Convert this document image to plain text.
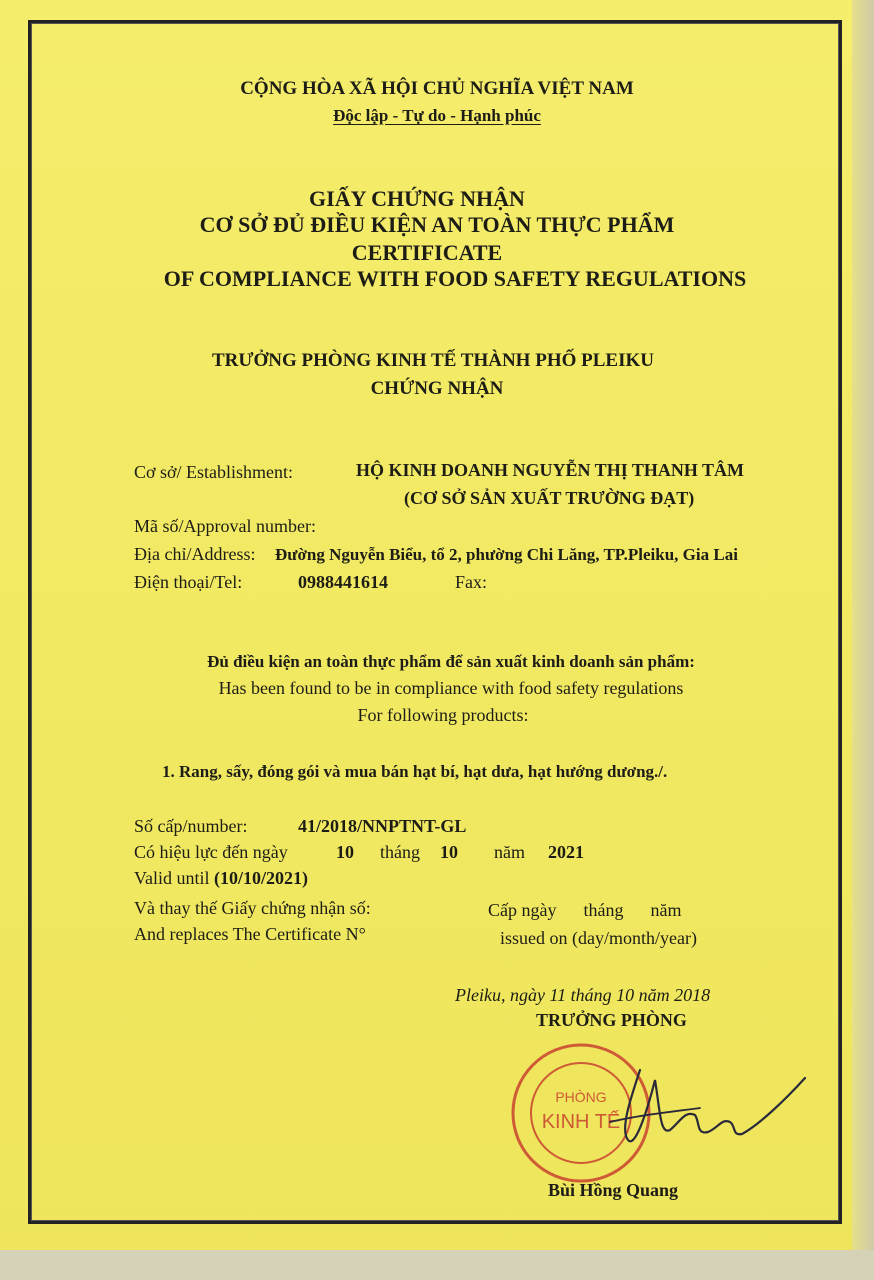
CỘNG HÒA XÃ HỘI CHỦ NGHĨA VIỆT NAM
Độc lập - Tự do - Hạnh phúc
GIẤY CHỨNG NHẬN
CƠ SỞ ĐỦ ĐIỀU KIỆN AN TOÀN THỰC PHẨM
CERTIFICATE
OF COMPLIANCE WITH FOOD SAFETY REGULATIONS
TRƯỞNG PHÒNG KINH TẾ THÀNH PHỐ PLEIKU
CHỨNG NHẬN
Cơ sở/ Establishment:	HỘ KINH DOANH NGUYỄN THỊ THANH TÂM
(CƠ SỞ SẢN XUẤT TRƯỜNG ĐẠT)
Mã số/Approval number:
Địa chỉ/Address: Đường Nguyễn Biểu, tổ 2, phường Chi Lăng, TP.Pleiku, Gia Lai
Điện thoại/Tel:	0988441614	Fax:
Đủ điều kiện an toàn thực phẩm để sản xuất kinh doanh sản phẩm:
Has been found to be in compliance with food safety regulations
For following products:
1. Rang, sấy, đóng gói và mua bán hạt bí, hạt dưa, hạt hướng dương./.
Số cấp/number:	41/2018/NNPTNT-GL
Có hiệu lực đến ngày	10 tháng 10 năm 2021
Valid until (10/10/2021)
Và thay thế Giấy chứng nhận số:	Cấp ngày      tháng      năm
And replaces The Certificate N°	issued on (day/month/year)
Pleiku, ngày 11 tháng 10 năm 2018
TRƯỞNG PHÒNG
PHÒNG
KINH TẾ
Bùi Hồng Quang
